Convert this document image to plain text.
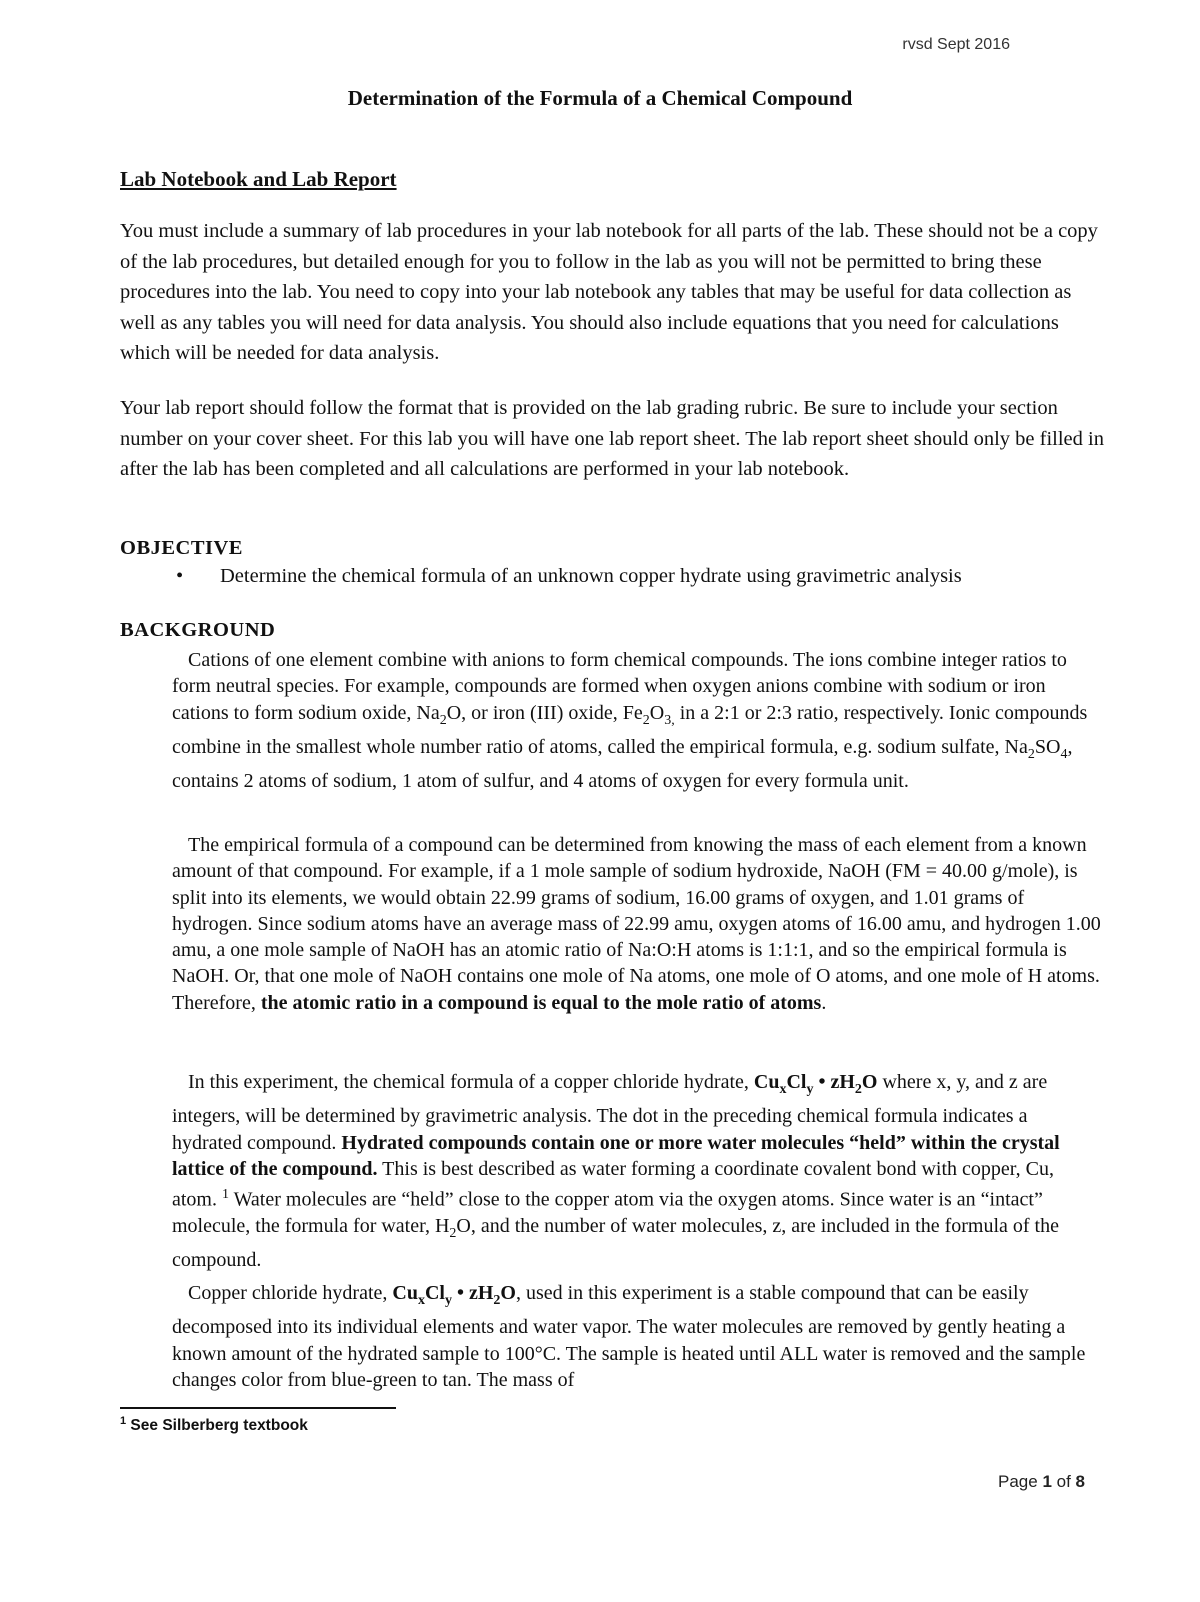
rvsd Sept 2016
Determination of the Formula of a Chemical Compound
Lab Notebook and Lab Report

You must include a summary of lab procedures in your lab notebook for all parts of the lab. These should not be a copy of the lab procedures, but detailed enough for you to follow in the lab as you will not be permitted to bring these procedures into the lab. You need to copy into your lab notebook any tables that may be useful for data collection as well as any tables you will need for data analysis. You should also include equations that you need for calculations which will be needed for data analysis.

Your lab report should follow the format that is provided on the lab grading rubric. Be sure to include your section number on your cover sheet. For this lab you will have one lab report sheet. The lab report sheet should only be filled in after the lab has been completed and all calculations are performed in your lab notebook.

OBJECTIVE
• Determine the chemical formula of an unknown copper hydrate using gravimetric analysis
BACKGROUND

Cations of one element combine with anions to form chemical compounds. The ions combine integer ratios to form neutral species. For example, compounds are formed when oxygen anions combine with sodium or iron cations to form sodium oxide, $Na_2O$, or iron (III) oxide, $Fe_2O_{3,}$ in a 2:1 or 2:3 ratio, respectively. Ionic compounds combine in the smallest whole number ratio of atoms, called the empirical formula, e.g. sodium sulfate, $Na_2SO_4$, contains 2 atoms of sodium, 1 atom of sulfur, and 4 atoms of oxygen for every formula unit.

The empirical formula of a compound can be determined from knowing the mass of each element from a known amount of that compound. For example, if a 1 mole sample of sodium hydroxide, NaOH (FM = 40.00 g/mole), is split into its elements, we would obtain 22.99 grams of sodium, 16.00 grams of oxygen, and 1.01 grams of hydrogen. Since sodium atoms have an average mass of 22.99 amu, oxygen atoms of 16.00 amu, and hydrogen 1.00 amu, a one mole sample of NaOH has an atomic ratio of Na:O:H atoms is 1:1:1, and so the empirical formula is NaOH. Or, that one mole of NaOH contains one mole of Na atoms, one mole of O atoms, and one mole of H atoms. Therefore, the atomic ratio in a compound is equal to the mole ratio of atoms.

In this experiment, the chemical formula of a copper chloride hydrate, $Cu_xCl_y$ • $zH_2O$ where x, y, and z are integers, will be determined by gravimetric analysis. The dot in the preceding chemical formula indicates a hydrated compound. Hydrated compounds contain one or more water molecules “held” within the crystal lattice of the compound. This is best described as water forming a coordinate covalent bond with copper, Cu, atom. $^1$ Water molecules are “held” close to the copper atom via the oxygen atoms. Since water is an “intact” molecule, the formula for water, $H_2O$, and the number of water molecules, z, are included in the formula of the compound.

Copper chloride hydrate, $Cu_xCl_y$ • $zH_2O$, used in this experiment is a stable compound that can be easily decomposed into its individual elements and water vapor. The water molecules are removed by gently heating a known amount of the hydrated sample to 100°C. The sample is heated until ALL water is removed and the sample changes color from blue-green to tan. The mass of

$^1$ See Silberberg textbook
Page 1 of 8
